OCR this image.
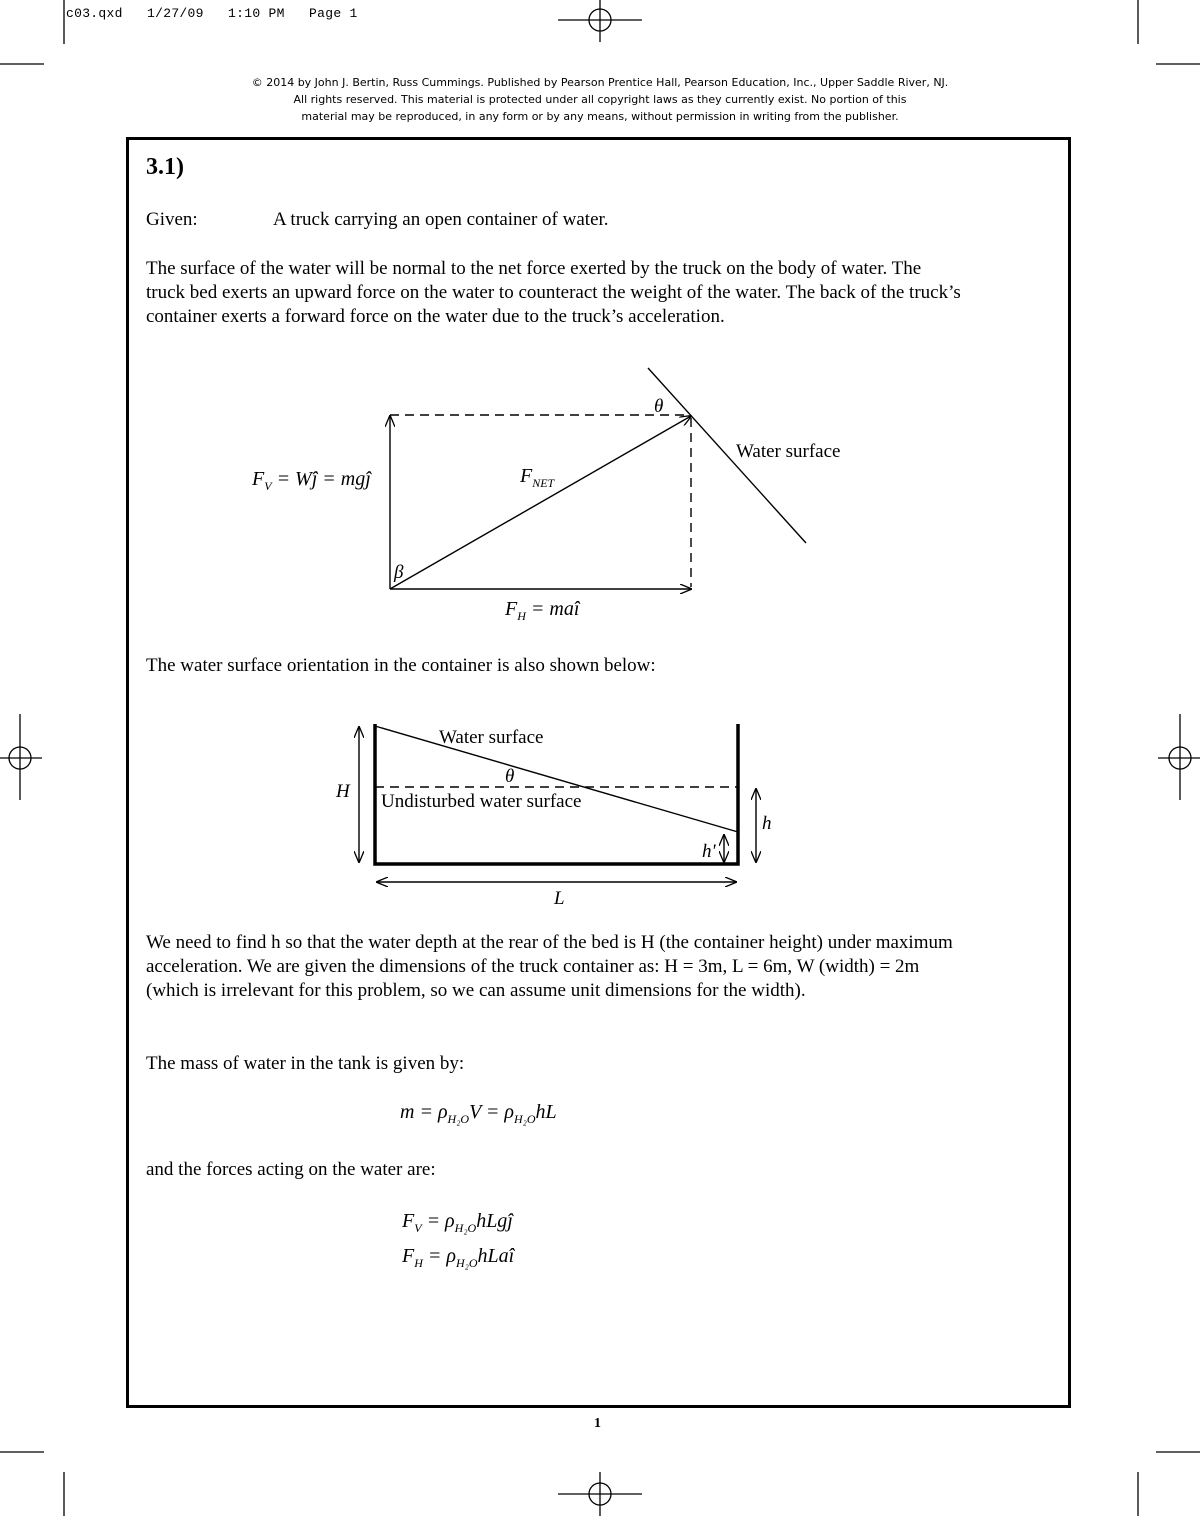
c03.qxd   1/27/09   1:10 PM   Page 1
© 2014 by John J. Bertin, Russ Cummings. Published by Pearson Prentice Hall, Pearson Education, Inc., Upper Saddle River, NJ.
All rights reserved. This material is protected under all copyright laws as they currently exist. No portion of this
material may be reproduced, in any form or by any means, without permission in writing from the publisher.
3.1)
Given:	A truck carrying an open container of water.
The surface of the water will be normal to the net force exerted by the truck on the body of water. The truck bed exerts an upward force on the water to counteract the weight of the water. The back of the truck’s container exerts a forward force on the water due to the truck’s acceleration.
θ
β
Water surface
$F_V$ = Wĵ = mgĵ	$F_{NET}$
$F_H$ = maî
The water surface orientation in the container is also shown below:
Water surface
θ
Undisturbed water surface
H
h
h'
L
We need to find h so that the water depth at the rear of the bed is H (the container height) under maximum acceleration. We are given the dimensions of the truck container as: H = 3m, L = 6m, W (width) = 2m (which is irrelevant for this problem, so we can assume unit dimensions for the width).
The mass of water in the tank is given by:
$m = \rho_{H_2O}V = \rho_{H_2O}hL$
and the forces acting on the water are:
$F_V$ = $\rho_{H_2O}hLgĵ$
$F_H$ = $\rho_{H_2O}hLaî$
1
